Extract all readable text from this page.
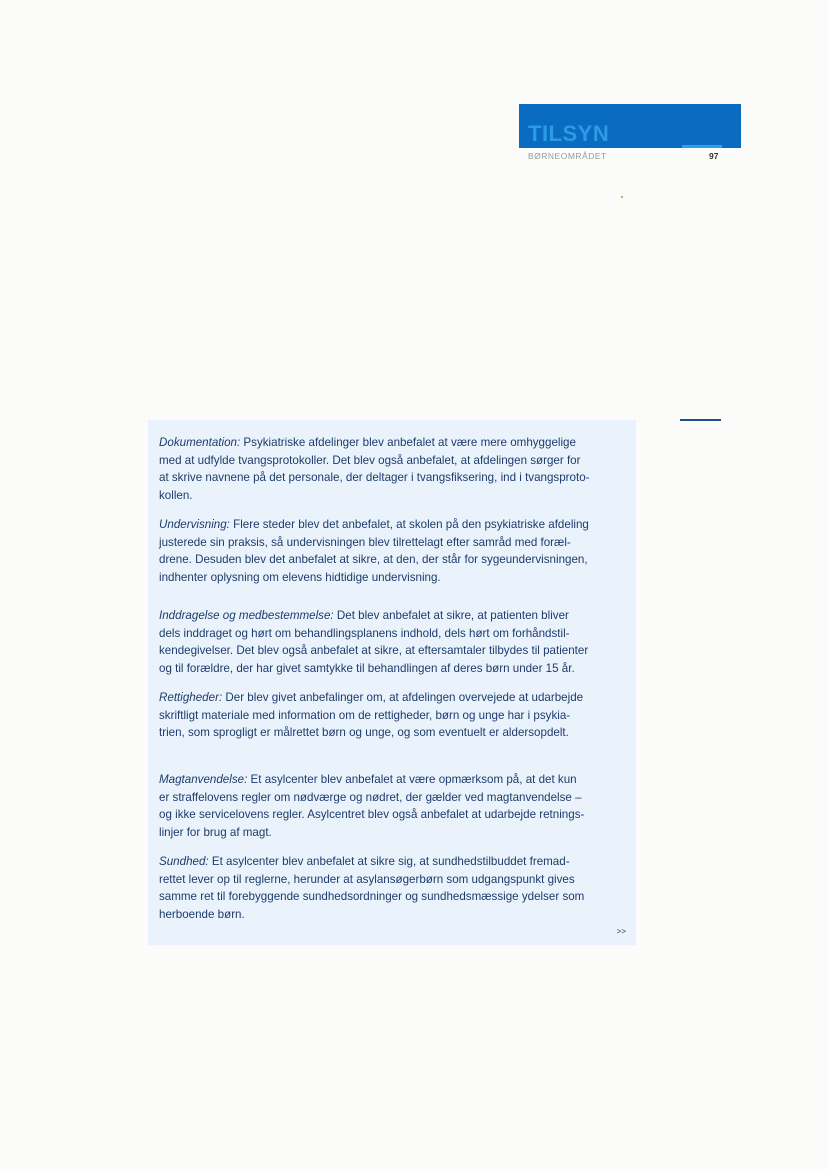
TILSYN
BØRNEOMRÅDET	97
Dokumentation: Psykiatriske afdelinger blev anbefalet at være mere omhyggelige
med at udfylde tvangsprotokoller. Det blev også anbefalet, at afdelingen sørger for
at skrive navnene på det personale, der deltager i tvangsfiksering, ind i tvangsproto-
kollen.
Undervisning: Flere steder blev det anbefalet, at skolen på den psykiatriske afdeling
justerede sin praksis, så undervisningen blev tilrettelagt efter samråd med foræl-
drene. Desuden blev det anbefalet at sikre, at den, der står for sygeundervisningen,
indhenter oplysning om elevens hidtidige undervisning.
Inddragelse og medbestemmelse: Det blev anbefalet at sikre, at patienten bliver
dels inddraget og hørt om behandlingsplanens indhold, dels hørt om forhåndstil-
kendegivelser. Det blev også anbefalet at sikre, at eftersamtaler tilbydes til patienter
og til forældre, der har givet samtykke til behandlingen af deres børn under 15 år.
Rettigheder: Der blev givet anbefalinger om, at afdelingen overvejede at udarbejde
skriftligt materiale med information om de rettigheder, børn og unge har i psykia-
trien, som sprogligt er målrettet børn og unge, og som eventuelt er aldersopdelt.
Magtanvendelse: Et asylcenter blev anbefalet at være opmærksom på, at det kun
er straffelovens regler om nødværge og nødret, der gælder ved magtanvendelse –
og ikke servicelovens regler. Asylcentret blev også anbefalet at udarbejde retnings-
linjer for brug af magt.
Sundhed: Et asylcenter blev anbefalet at sikre sig, at sundhedstilbuddet fremad-
rettet lever op til reglerne, herunder at asylansøgerbørn som udgangspunkt gives
samme ret til forebyggende sundhedsordninger og sundhedsmæssige ydelser som
herboende børn.
>>
